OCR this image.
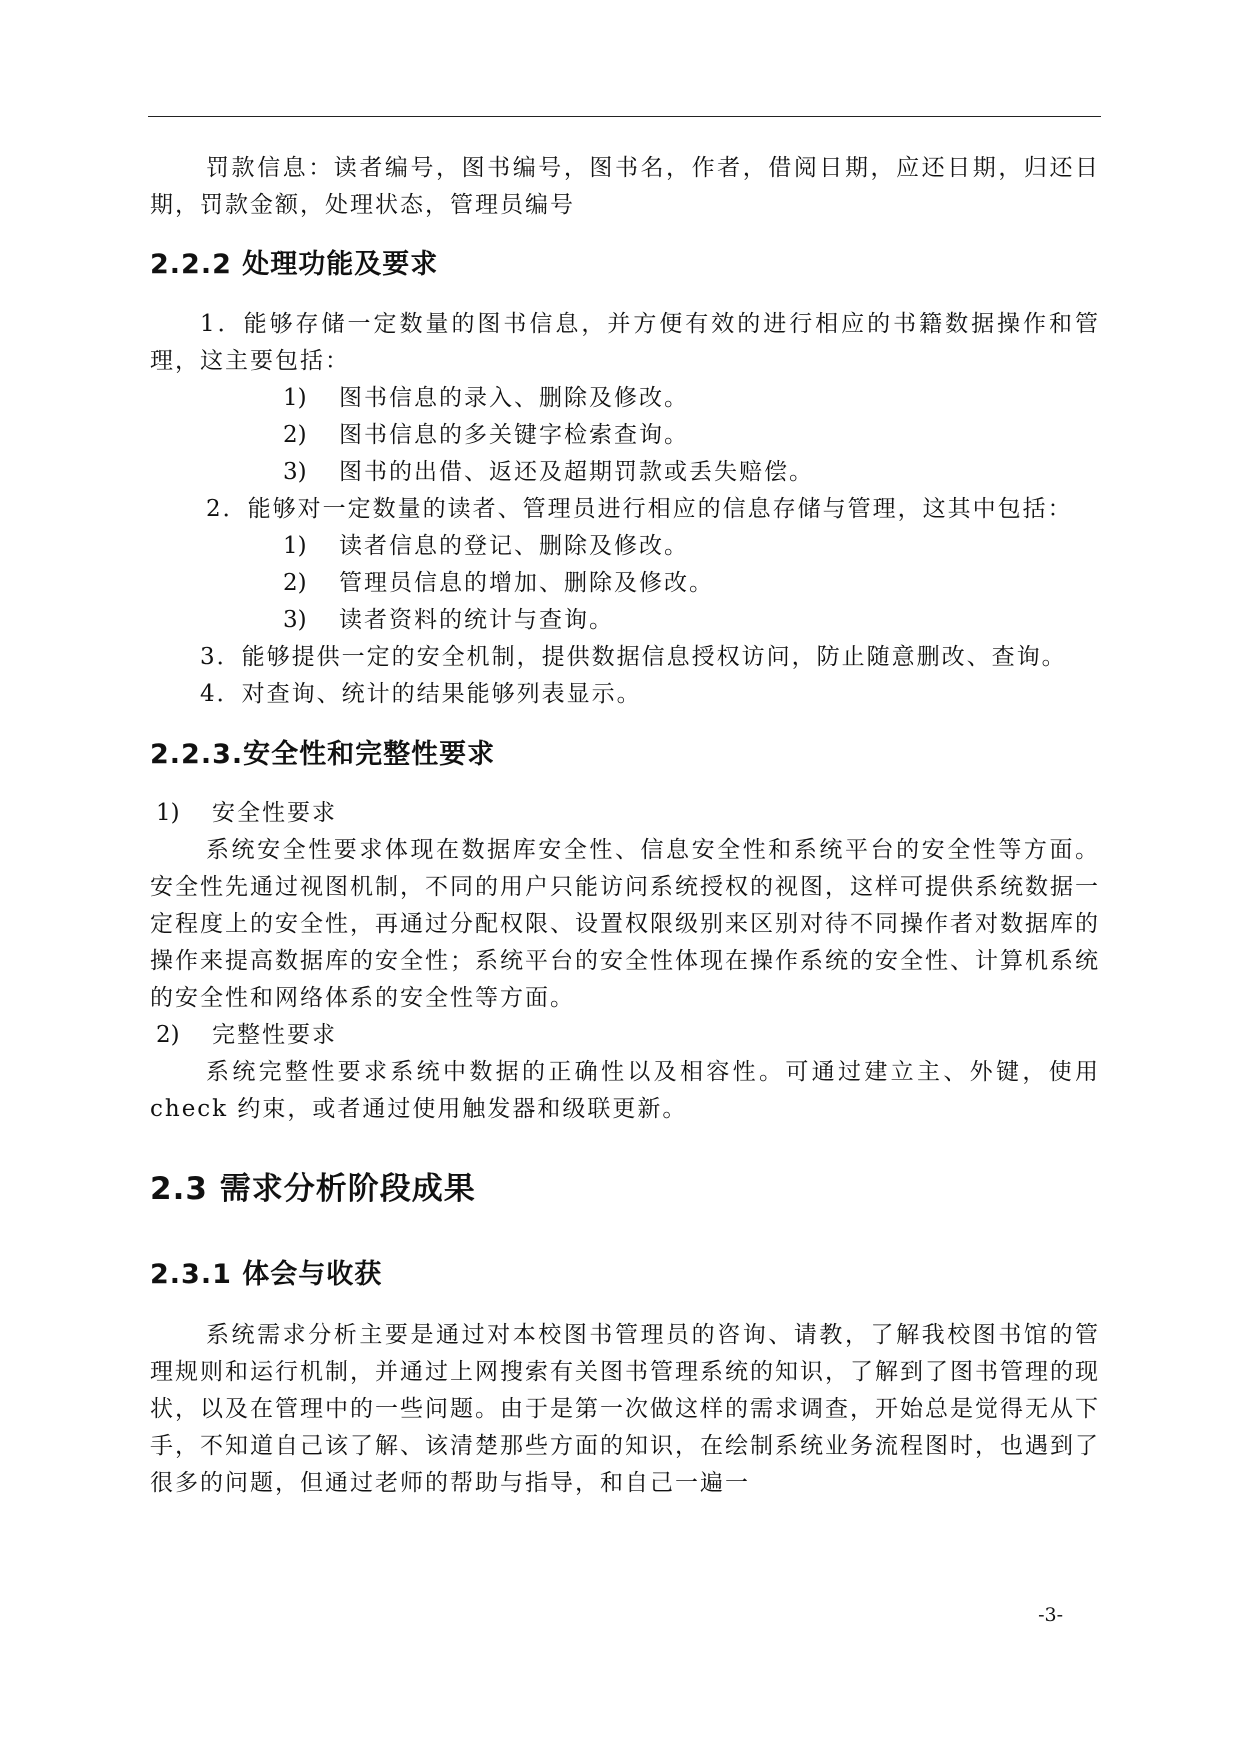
罚款信息：读者编号，图书编号，图书名，作者，借阅日期，应还日期，归还日期，罚款金额，处理状态，管理员编号

2.2.2 处理功能及要求

1．能够存储一定数量的图书信息，并方便有效的进行相应的书籍数据操作和管理，这主要包括：

1) 图书信息的录入、删除及修改。

2) 图书信息的多关键字检索查询。

3) 图书的出借、返还及超期罚款或丢失赔偿。

2．能够对一定数量的读者、管理员进行相应的信息存储与管理，这其中包括：

1) 读者信息的登记、删除及修改。

2) 管理员信息的增加、删除及修改。

3) 读者资料的统计与查询。

3．能够提供一定的安全机制，提供数据信息授权访问，防止随意删改、查询。

4．对查询、统计的结果能够列表显示。

2.2.3.安全性和完整性要求

1) 安全性要求

系统安全性要求体现在数据库安全性、信息安全性和系统平台的安全性等方面。安全性先通过视图机制，不同的用户只能访问系统授权的视图，这样可提供系统数据一定程度上的安全性，再通过分配权限、设置权限级别来区别对待不同操作者对数据库的操作来提高数据库的安全性；系统平台的安全性体现在操作系统的安全性、计算机系统的安全性和网络体系的安全性等方面。

2) 完整性要求

系统完整性要求系统中数据的正确性以及相容性。可通过建立主、外键，使用 check 约束，或者通过使用触发器和级联更新。

2.3 需求分析阶段成果
2.3.1 体会与收获

系统需求分析主要是通过对本校图书管理员的咨询、请教，了解我校图书馆的管理规则和运行机制，并通过上网搜索有关图书管理系统的知识，了解到了图书管理的现状，以及在管理中的一些问题。由于是第一次做这样的需求调查，开始总是觉得无从下手，不知道自己该了解、该清楚那些方面的知识，在绘制系统业务流程图时，也遇到了很多的问题，但通过老师的帮助与指导，和自己一遍一

-3-
